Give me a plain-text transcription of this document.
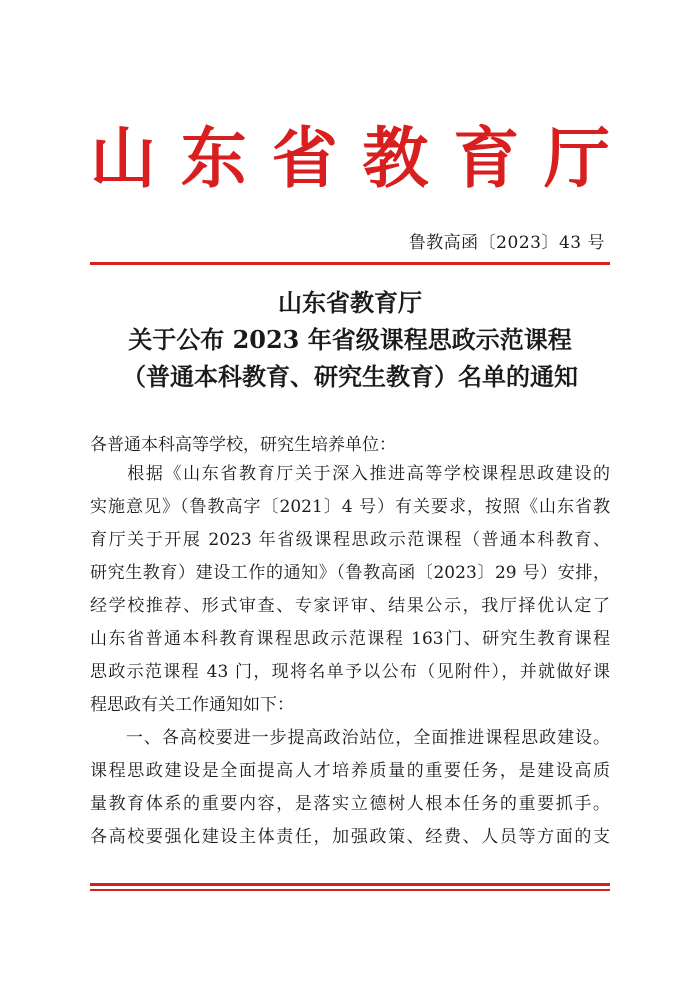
山 东 省 教 育 厅
鲁教高函〔2023〕43 号
山东省教育厅
关于公布 2023 年省级课程思政示范课程
（普通本科教育、研究生教育）名单的通知
各普通本科高等学校，研究生培养单位：
　　根据《山东省教育厅关于深入推进高等学校课程思政建设的
实施意见》（鲁教高字〔2021〕4 号）有关要求，按照《山东省教
育厅关于开展 2023 年省级课程思政示范课程（普通本科教育、
研究生教育）建设工作的通知》（鲁教高函〔2023〕29 号）安排，
经学校推荐、形式审查、专家评审、结果公示，我厅择优认定了
山东省普通本科教育课程思政示范课程 163门、研究生教育课程
思政示范课程 43 门，现将名单予以公布（见附件），并就做好课
程思政有关工作通知如下：
　　一、各高校要进一步提高政治站位，全面推进课程思政建设。
课程思政建设是全面提高人才培养质量的重要任务，是建设高质
量教育体系的重要内容，是落实立德树人根本任务的重要抓手。
各高校要强化建设主体责任，加强政策、经费、人员等方面的支
